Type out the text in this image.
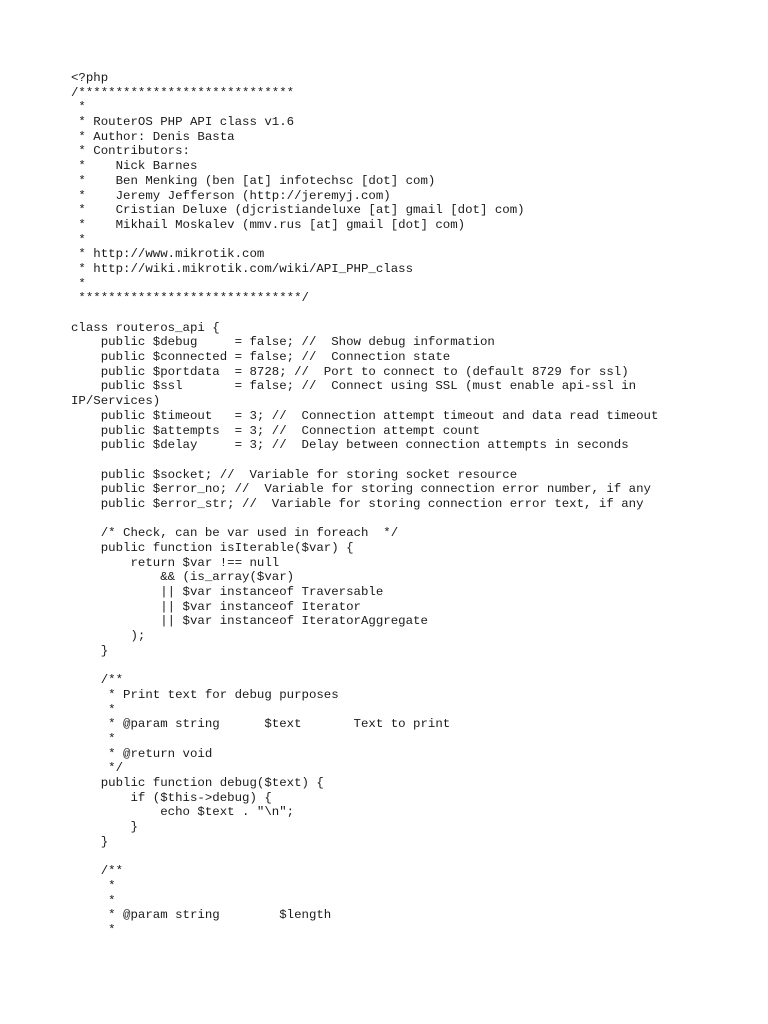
<?php
/*****************************
*
* RouterOS PHP API class v1.6
* Author: Denis Basta
* Contributors:
*    Nick Barnes
*    Ben Menking (ben [at] infotechsc [dot] com)
*    Jeremy Jefferson (http://jeremyj.com)
*    Cristian Deluxe (djcristiandeluxe [at] gmail [dot] com)
*    Mikhail Moskalev (mmv.rus [at] gmail [dot] com)
*
* http://www.mikrotik.com
* http://wiki.mikrotik.com/wiki/API_PHP_class
*
******************************/
class routeros_api {
public $debug     = false; //  Show debug information
public $connected = false; //  Connection state
public $portdata  = 8728; //  Port to connect to (default 8729 for ssl)
public $ssl       = false; //  Connect using SSL (must enable api-ssl in
IP/Services)
public $timeout   = 3; //  Connection attempt timeout and data read timeout
public $attempts  = 3; //  Connection attempt count
public $delay     = 3; //  Delay between connection attempts in seconds
public $socket; //  Variable for storing socket resource
public $error_no; //  Variable for storing connection error number, if any
public $error_str; //  Variable for storing connection error text, if any
/* Check, can be var used in foreach  */
public function isIterable($var) {
return $var !== null
&& (is_array($var)
|| $var instanceof Traversable
|| $var instanceof Iterator
|| $var instanceof IteratorAggregate
);
}
/**
* Print text for debug purposes
*
* @param string      $text       Text to print
*
* @return void
*/
public function debug($text) {
if ($this->debug) {
echo $text . "\n";
}
}
/**
*
*
* @param string        $length
*
